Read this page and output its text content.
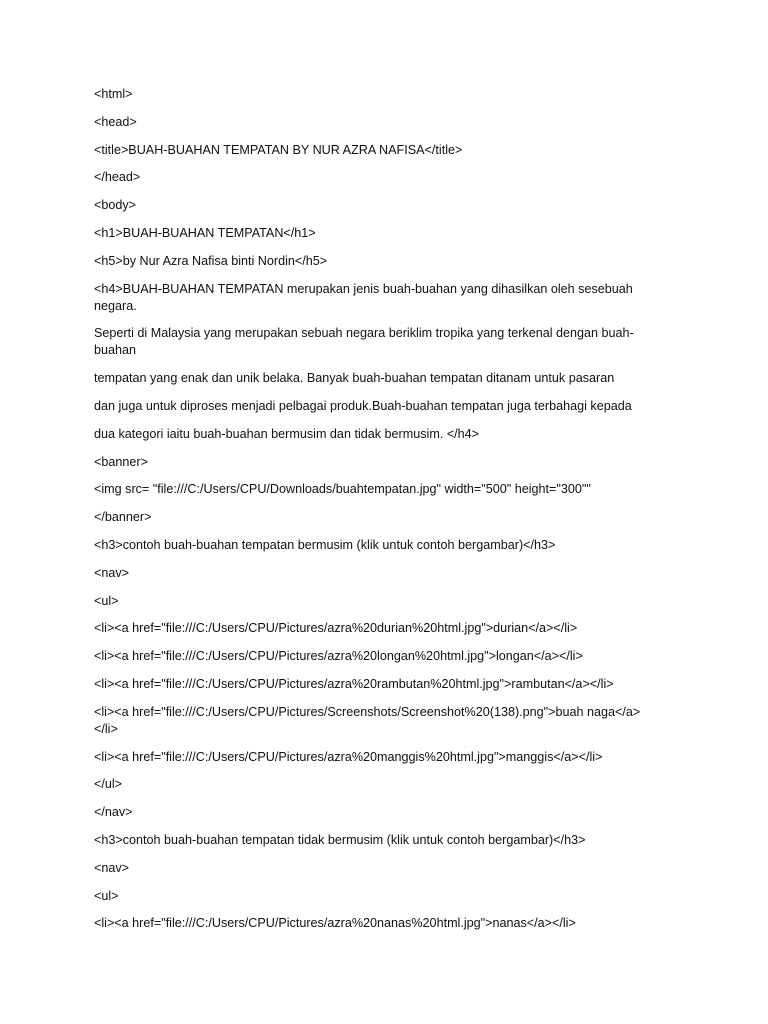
<html>

<head>

<title>BUAH-BUAHAN TEMPATAN BY NUR AZRA NAFISA</title>

</head>

<body>

<h1>BUAH-BUAHAN TEMPATAN</h1>

<h5>by Nur Azra Nafisa binti Nordin</h5>

<h4>BUAH-BUAHAN TEMPATAN merupakan jenis buah-buahan yang dihasilkan oleh sesebuah negara.

Seperti di Malaysia yang merupakan sebuah negara beriklim tropika yang terkenal dengan buah-buahan

tempatan yang enak dan unik belaka. Banyak buah-buahan tempatan ditanam untuk pasaran

dan juga untuk diproses menjadi pelbagai produk.Buah-buahan tempatan juga terbahagi kepada

dua kategori iaitu buah-buahan bermusim dan tidak bermusim. </h4>

<banner>

<img src= "file:///C:/Users/CPU/Downloads/buahtempatan.jpg" width="500" height="300""

</banner>

<h3>contoh buah-buahan tempatan bermusim (klik untuk contoh bergambar)</h3>

<nav>

<ul>

<li><a href="file:///C:/Users/CPU/Pictures/azra%20durian%20html.jpg">durian</a></li>

<li><a href="file:///C:/Users/CPU/Pictures/azra%20longan%20html.jpg">longan</a></li>

<li><a href="file:///C:/Users/CPU/Pictures/azra%20rambutan%20html.jpg">rambutan</a></li>

<li><a href="file:///C:/Users/CPU/Pictures/Screenshots/Screenshot%20(138).png">buah naga</a></li>

<li><a href="file:///C:/Users/CPU/Pictures/azra%20manggis%20html.jpg">manggis</a></li>

</ul>

</nav>

<h3>contoh buah-buahan tempatan tidak bermusim (klik untuk contoh bergambar)</h3>

<nav>

<ul>

<li><a href="file:///C:/Users/CPU/Pictures/azra%20nanas%20html.jpg">nanas</a></li>
